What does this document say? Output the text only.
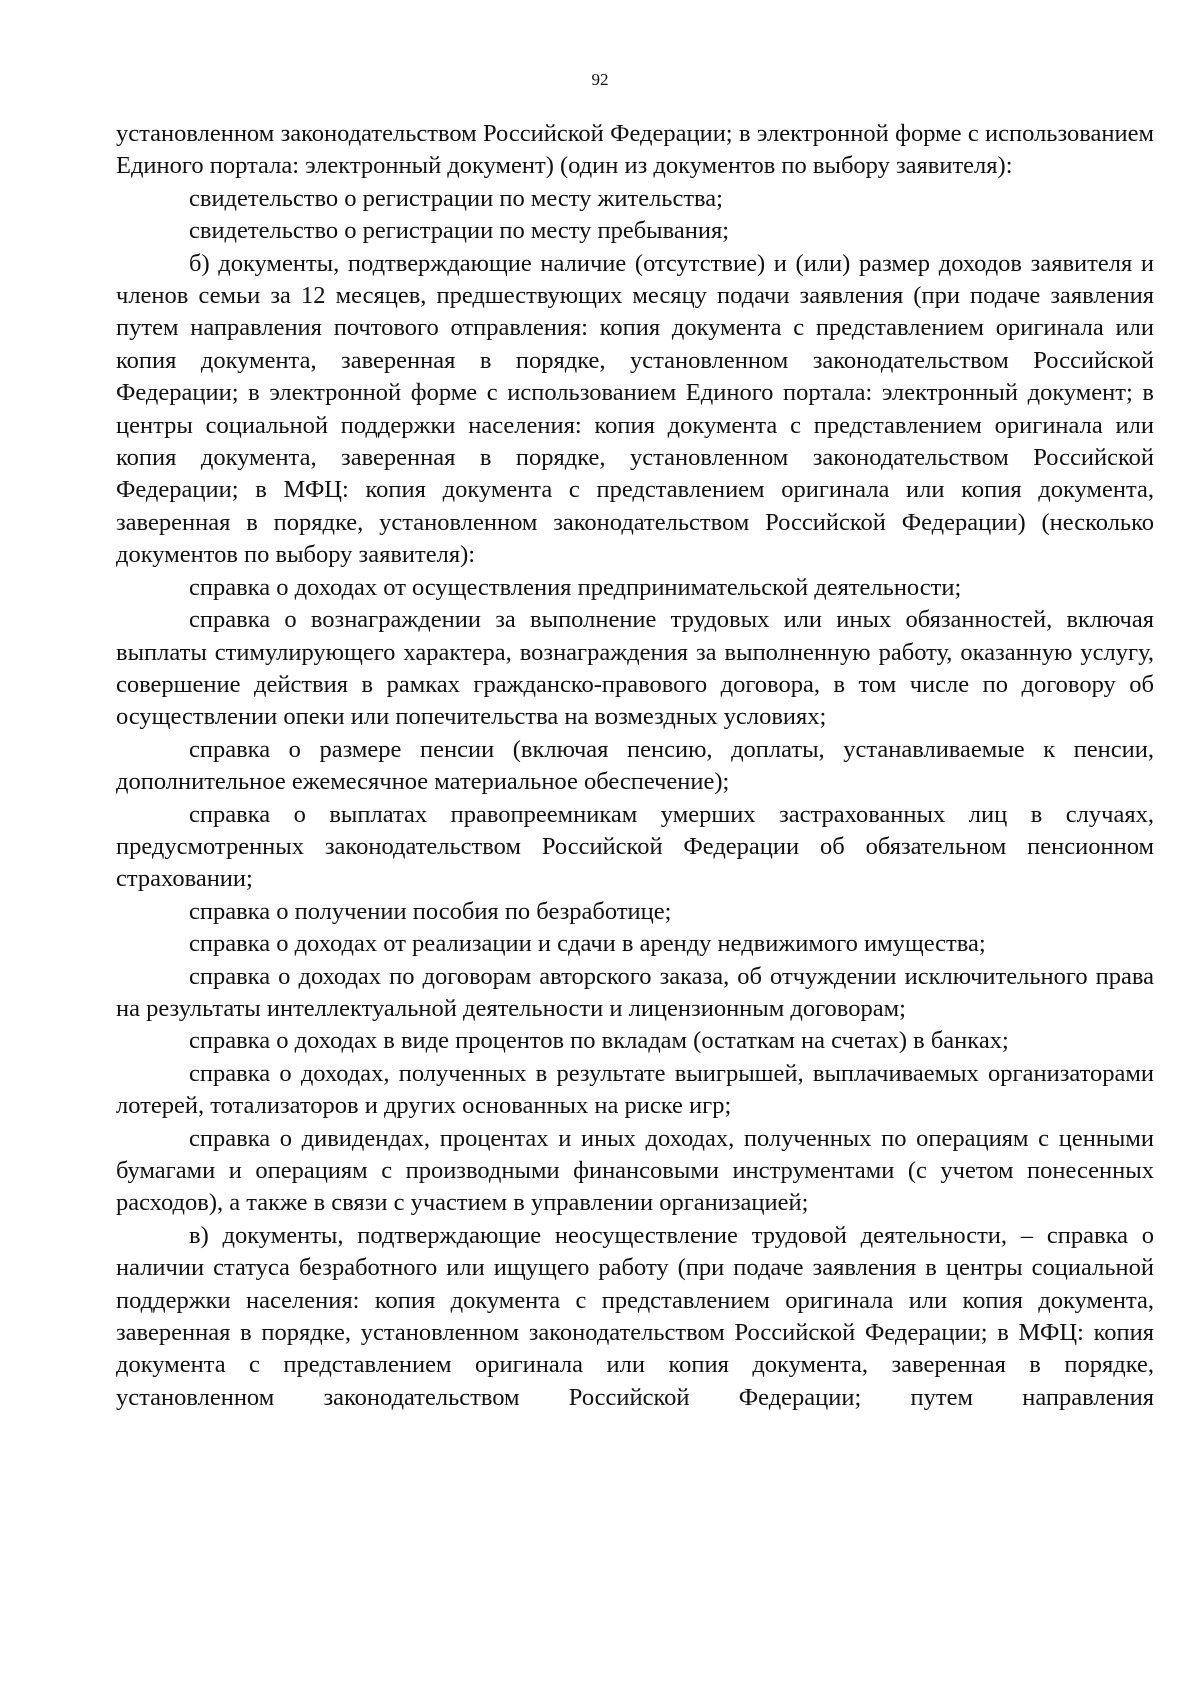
92

установленном законодательством Российской Федерации; в электронной форме с использованием Единого портала: электронный документ) (один из документов по выбору заявителя):

свидетельство о регистрации по месту жительства;

свидетельство о регистрации по месту пребывания;

б) документы, подтверждающие наличие (отсутствие) и (или) размер доходов заявителя и членов семьи за 12 месяцев, предшествующих месяцу подачи заявления (при подаче заявления путем направления почтового отправления: копия документа с представлением оригинала или копия документа, заверенная в порядке, установленном законодательством Российской Федерации; в электронной форме с использованием Единого портала: электронный документ; в центры социальной поддержки населения: копия документа с представлением оригинала или копия документа, заверенная в порядке, установленном законодательством Российской Федерации; в МФЦ: копия документа с представлением оригинала или копия документа, заверенная в порядке, установленном законодательством Российской Федерации) (несколько документов по выбору заявителя):

справка о доходах от осуществления предпринимательской деятельности;

справка о вознаграждении за выполнение трудовых или иных обязанностей, включая выплаты стимулирующего характера, вознаграждения за выполненную работу, оказанную услугу, совершение действия в рамках гражданско-правового договора, в том числе по договору об осуществлении опеки или попечительства на возмездных условиях;

справка о размере пенсии (включая пенсию, доплаты, устанавливаемые к пенсии, дополнительное ежемесячное материальное обеспечение);

справка о выплатах правопреемникам умерших застрахованных лиц в случаях, предусмотренных законодательством Российской Федерации об обязательном пенсионном страховании;

справка о получении пособия по безработице;

справка о доходах от реализации и сдачи в аренду недвижимого имущества;

справка о доходах по договорам авторского заказа, об отчуждении исключительного права на результаты интеллектуальной деятельности и лицензионным договорам;

справка о доходах в виде процентов по вкладам (остаткам на счетах) в банках;

справка о доходах, полученных в результате выигрышей, выплачиваемых организаторами лотерей, тотализаторов и других основанных на риске игр;

справка о дивидендах, процентах и иных доходах, полученных по операциям с ценными бумагами и операциям с производными финансовыми инструментами (с учетом понесенных расходов), а также в связи с участием в управлении организацией;

в) документы, подтверждающие неосуществление трудовой деятельности, – справка о наличии статуса безработного или ищущего работу (при подаче заявления в центры социальной поддержки населения: копия документа с представлением оригинала или копия документа, заверенная в порядке, установленном законодательством Российской Федерации; в МФЦ: копия документа с представлением оригинала или копия документа, заверенная в порядке, установленном законодательством Российской Федерации; путем направления
